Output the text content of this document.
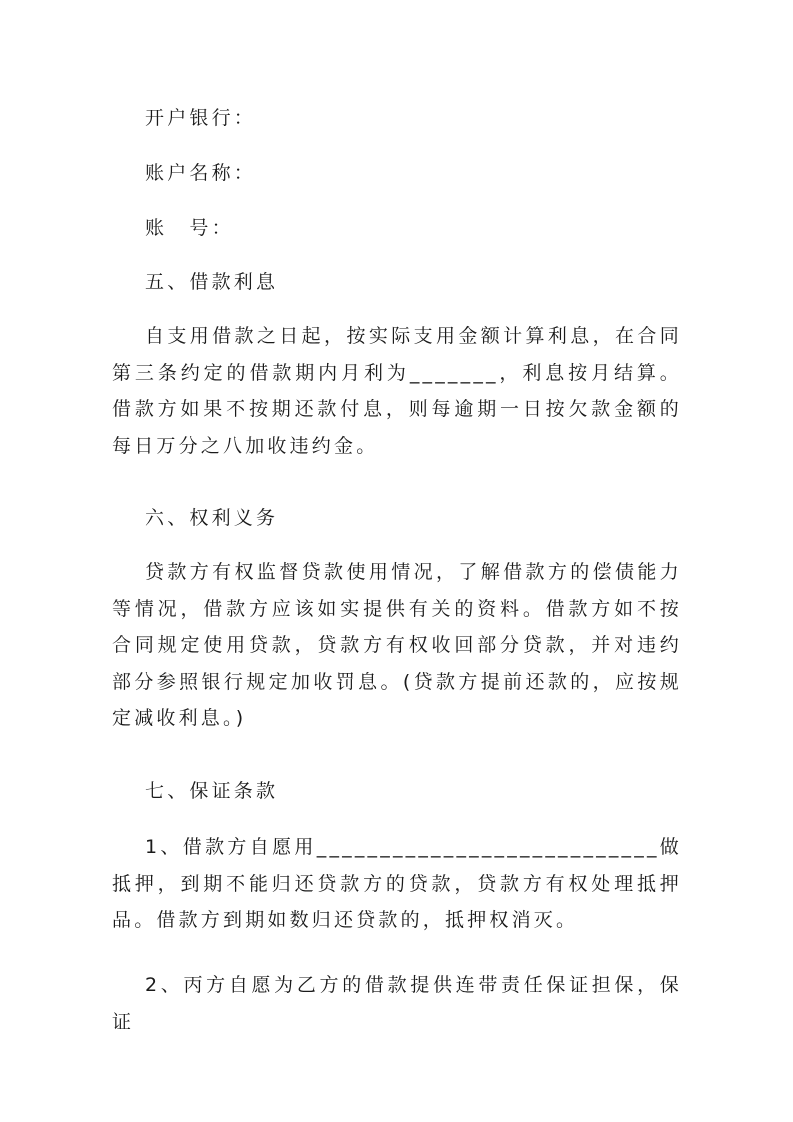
开户银行：

账户名称：

账　号：

五、借款利息

自支用借款之日起，按实际支用金额计算利息，在合同第三条约定的借款期内月利为_______，利息按月结算。借款方如果不按期还款付息，则每逾期一日按欠款金额的每日万分之八加收违约金。

六、权利义务

贷款方有权监督贷款使用情况，了解借款方的偿债能力等情况，借款方应该如实提供有关的资料。借款方如不按合同规定使用贷款，贷款方有权收回部分贷款，并对违约部分参照银行规定加收罚息。(贷款方提前还款的，应按规定减收利息。)

七、保证条款

1、借款方自愿用___________________________做抵押，到期不能归还贷款方的贷款，贷款方有权处理抵押品。借款方到期如数归还贷款的，抵押权消灭。

2、丙方自愿为乙方的借款提供连带责任保证担保，保证
